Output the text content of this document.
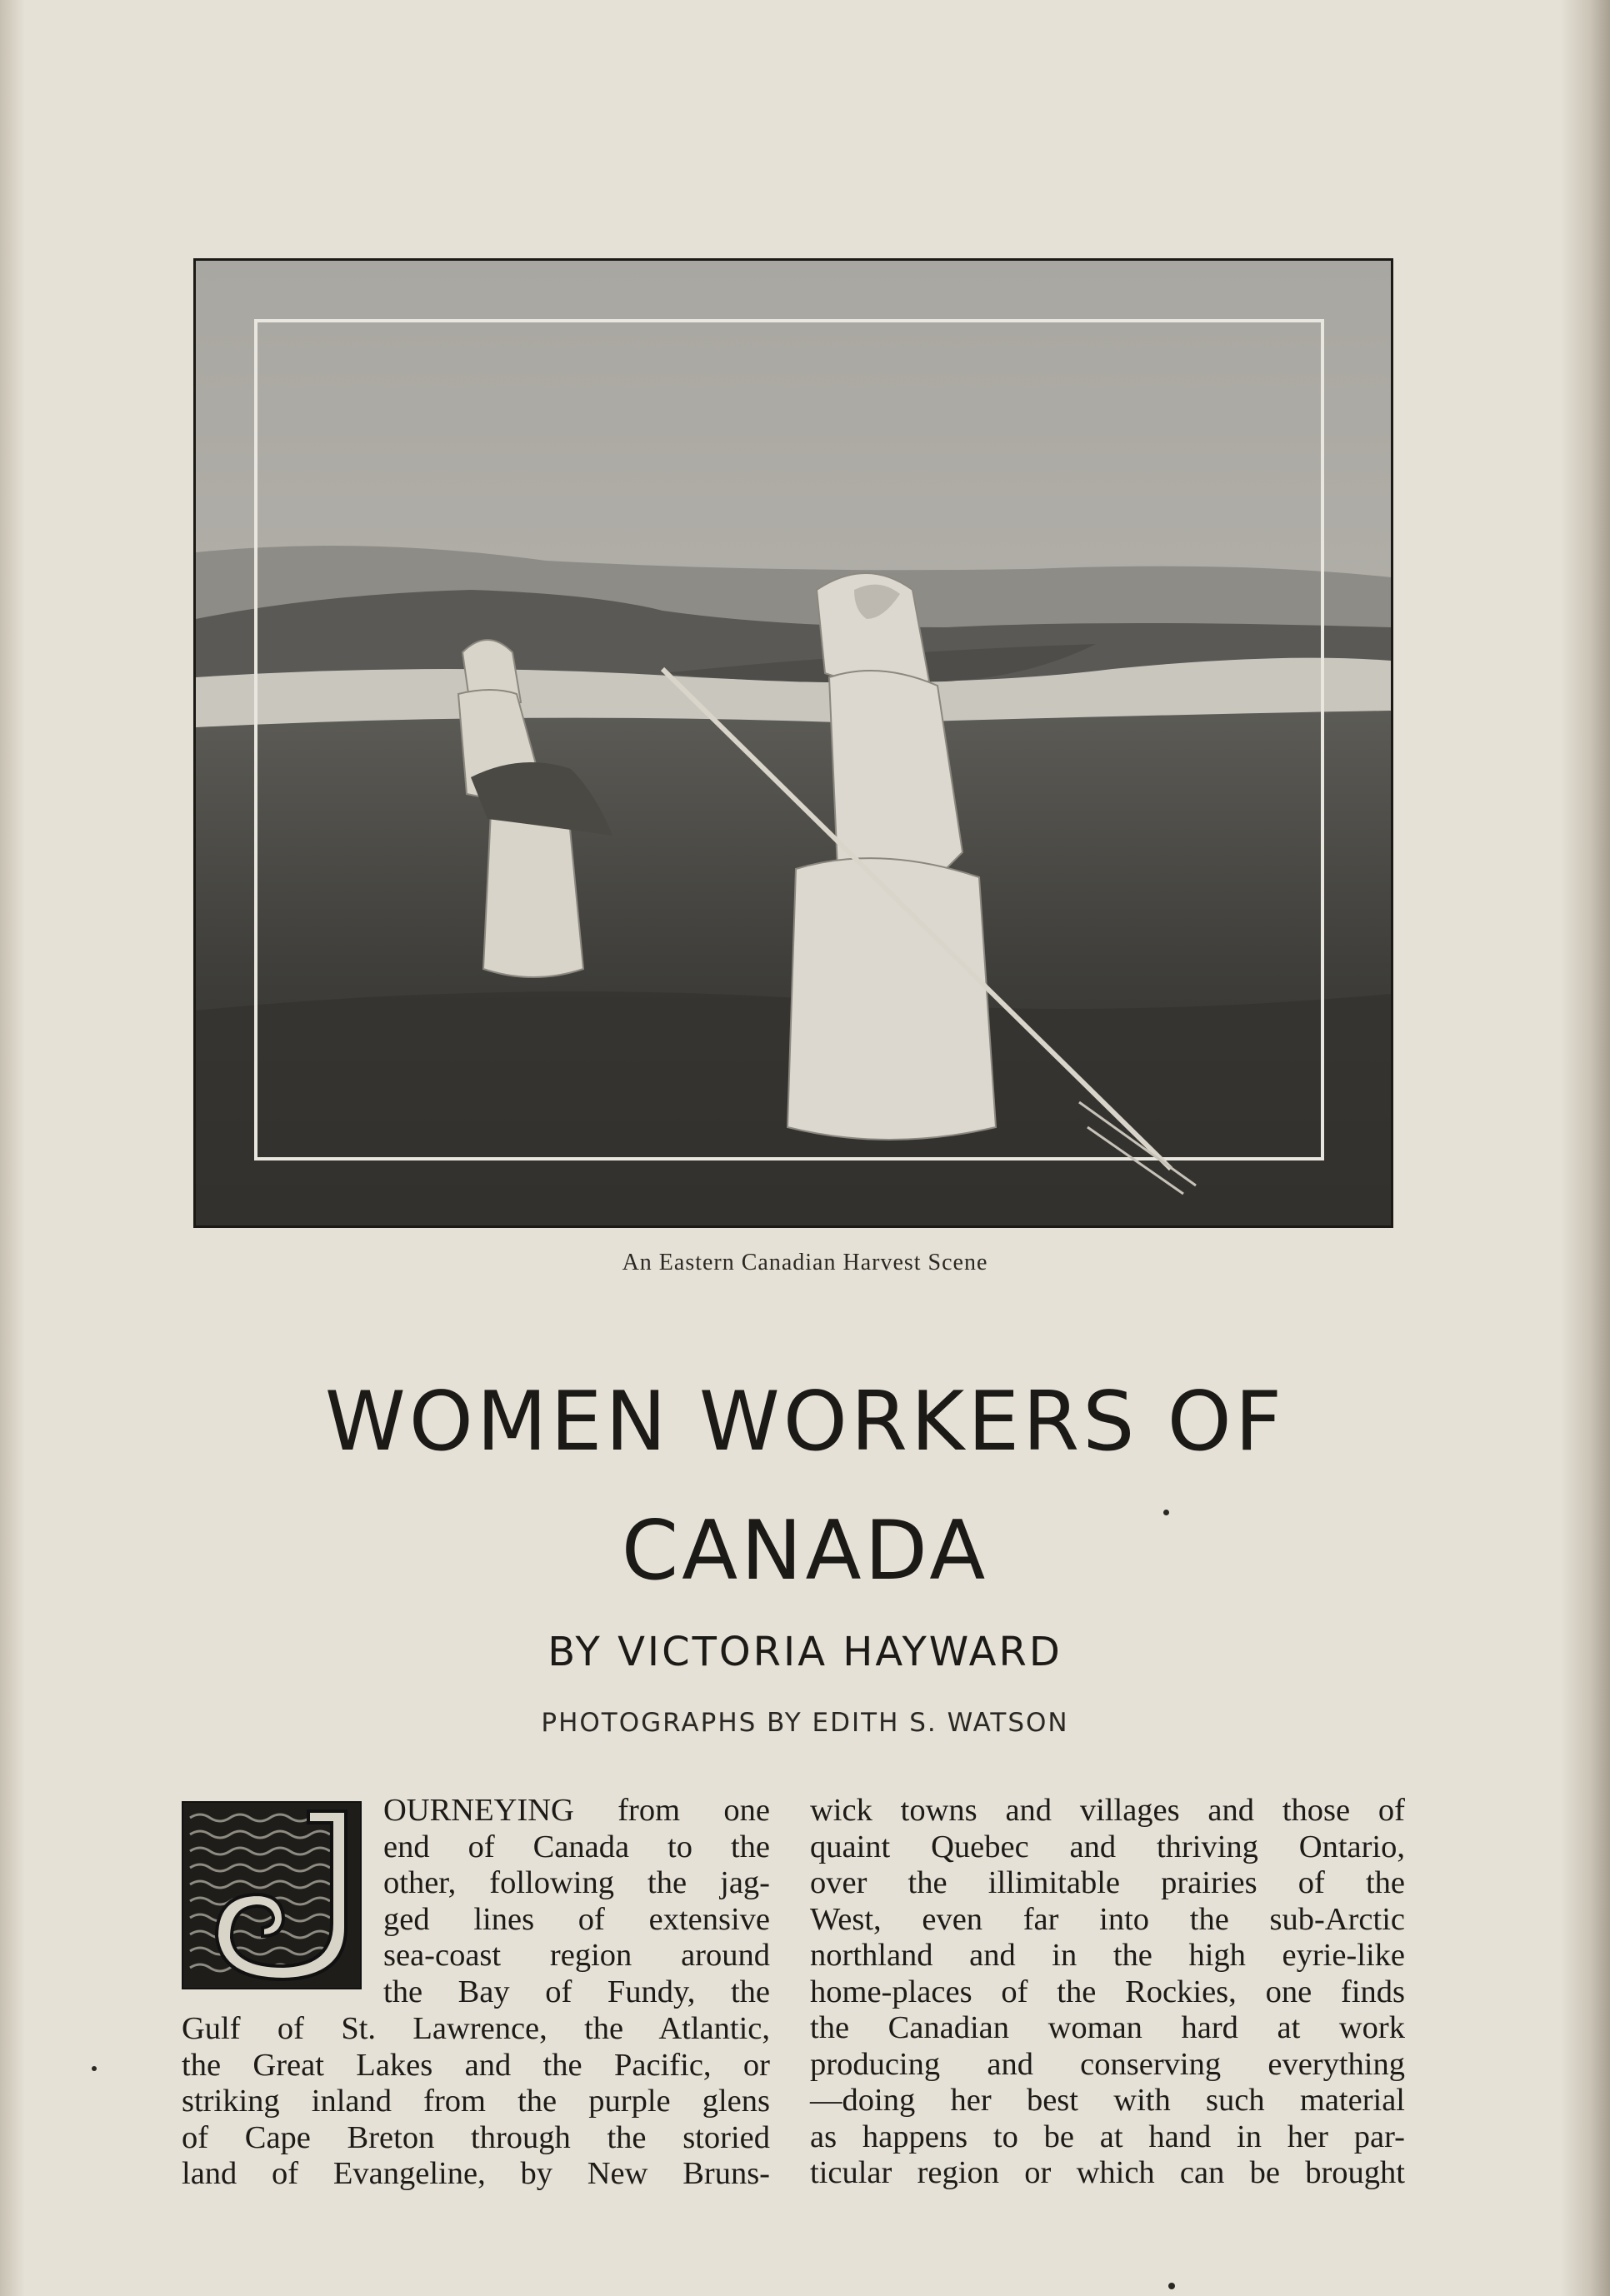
An Eastern Canadian Harvest Scene
WOMEN WORKERS OF
CANADA
BY VICTORIA HAYWARD
PHOTOGRAPHS BY EDITH S. WATSON
OURNEYING from one
end of Canada to the
other, following the jag-
ged lines of extensive
sea-coast region around
the Bay of Fundy, the
Gulf of St. Lawrence, the Atlantic,
the Great Lakes and the Pacific, or
striking inland from the purple glens
of Cape Breton through the storied
land of Evangeline, by New Bruns-
wick towns and villages and those of
quaint Quebec and thriving Ontario,
over the illimitable prairies of the
West, even far into the sub-Arctic
northland and in the high eyrie-like
home-places of the Rockies, one finds
the Canadian woman hard at work
producing and conserving everything
—doing her best with such material
as happens to be at hand in her par-
ticular region or which can be brought
